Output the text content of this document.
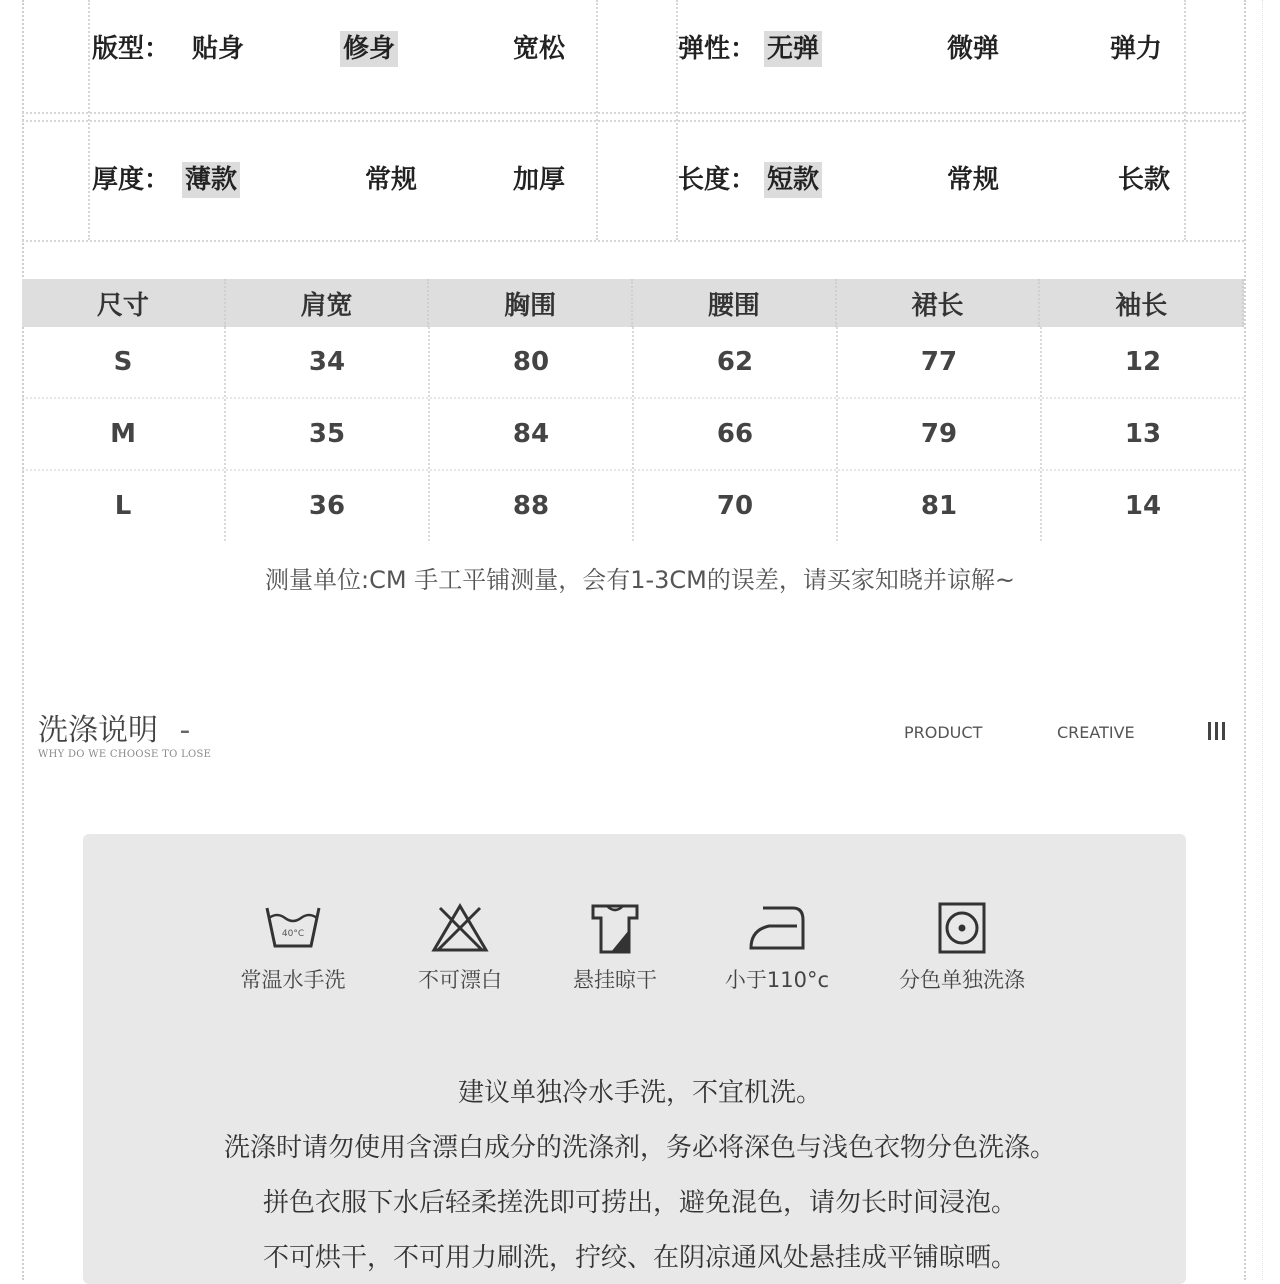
版型： 贴身	修身	宽松	弹性： 无弹	微弹	弹力
厚度： 薄款	常规	加厚	长度： 短款	常规	长款
尺寸	肩宽	胸围	腰围	裙长	袖长
S	34	80	62	77	12
M	35	84	66	79	13
L	36	88	70	81	14
测量单位:CM 手工平铺测量，会有1-3CM的误差，请买家知晓并谅解~
洗涤说明 -
WHY DO WE CHOOSE TO LOSE
PRODUCT	CREATIVE
40°C
常温水手洗	不可漂白	悬挂晾干	小于110°c	分色单独洗涤
建议单独冷水手洗，不宜机洗。
洗涤时请勿使用含漂白成分的洗涤剂，务必将深色与浅色衣物分色洗涤。
拼色衣服下水后轻柔搓洗即可捞出，避免混色，请勿长时间浸泡。
不可烘干，不可用力刷洗，拧绞、在阴凉通风处悬挂成平铺晾晒。
